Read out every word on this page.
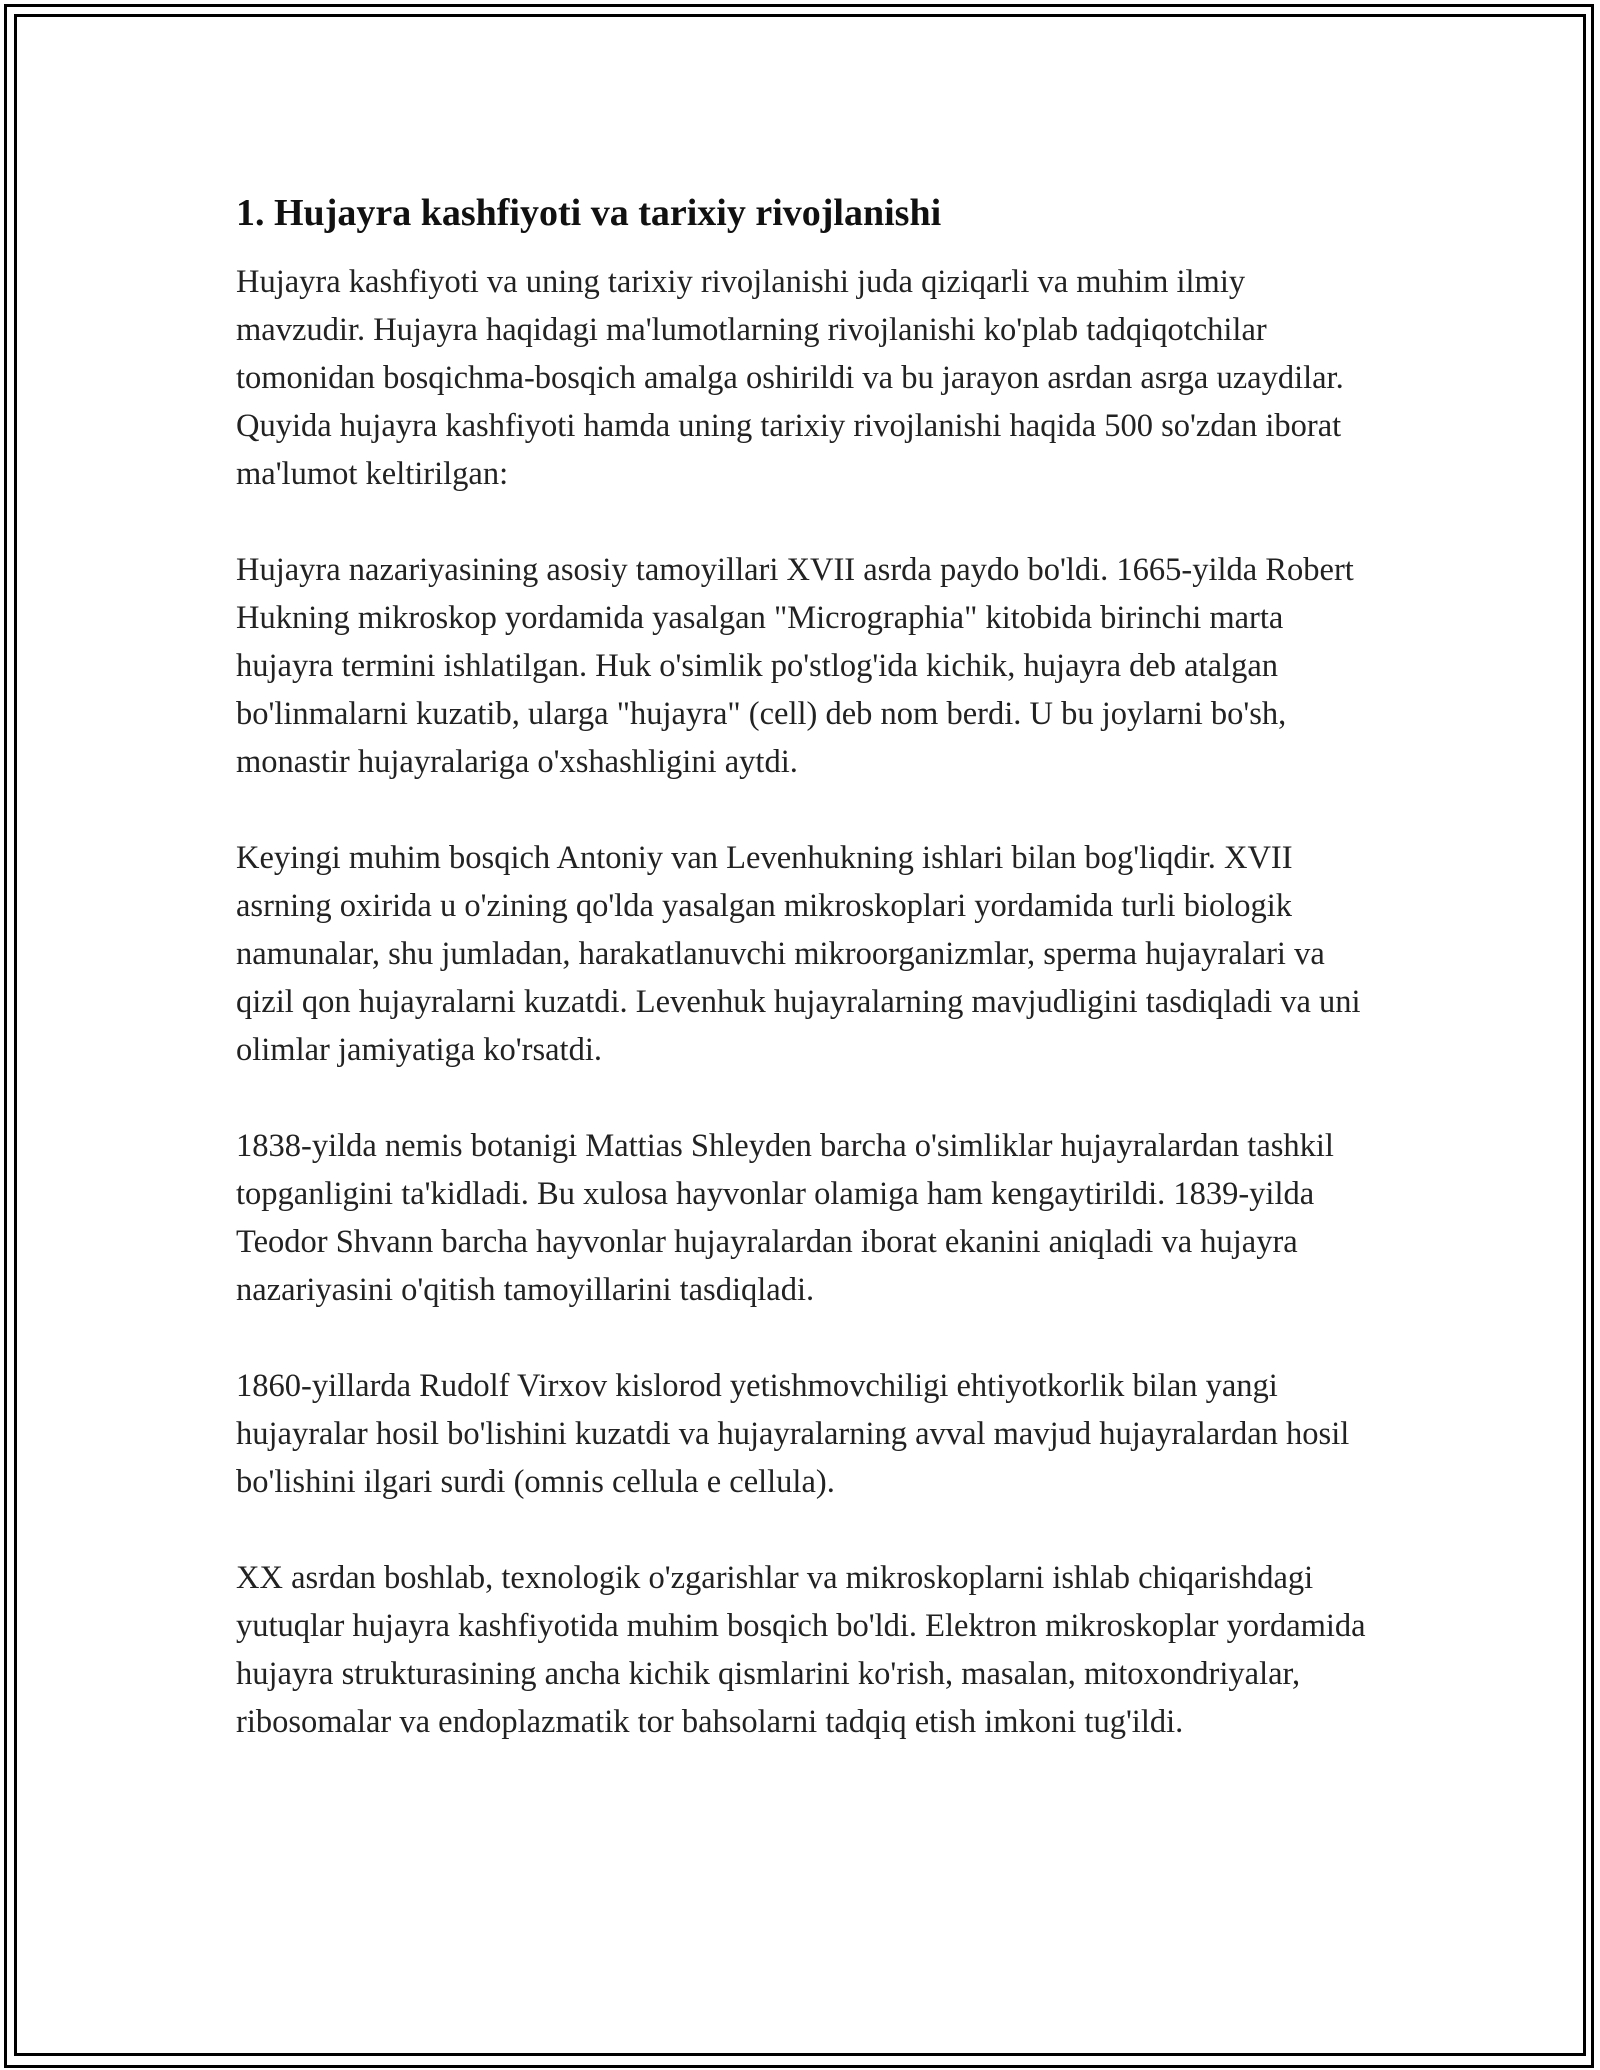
1. Hujayra kashfiyoti va tarixiy rivojlanishi

Hujayra kashfiyoti va uning tarixiy rivojlanishi juda qiziqarli va muhim ilmiy mavzudir. Hujayra haqidagi ma'lumotlarning rivojlanishi ko'plab tadqiqotchilar tomonidan bosqichma-bosqich amalga oshirildi va bu jarayon asrdan asrga uzaydilar. Quyida hujayra kashfiyoti hamda uning tarixiy rivojlanishi haqida 500 so'zdan iborat ma'lumot keltirilgan:

Hujayra nazariyasining asosiy tamoyillari XVII asrda paydo bo'ldi. 1665-yilda Robert Hukning mikroskop yordamida yasalgan "Micrographia" kitobida birinchi marta hujayra termini ishlatilgan. Huk o'simlik po'stlog'ida kichik, hujayra deb atalgan bo'linmalarni kuzatib, ularga "hujayra" (cell) deb nom berdi. U bu joylarni bo'sh, monastir hujayralariga o'xshashligini aytdi.

Keyingi muhim bosqich Antoniy van Levenhukning ishlari bilan bog'liqdir. XVII asrning oxirida u o'zining qo'lda yasalgan mikroskoplari yordamida turli biologik namunalar, shu jumladan, harakatlanuvchi mikroorganizmlar, sperma hujayralari va qizil qon hujayralarni kuzatdi. Levenhuk hujayralarning mavjudligini tasdiqladi va uni olimlar jamiyatiga ko'rsatdi.

1838-yilda nemis botanigi Mattias Shleyden barcha o'simliklar hujayralardan tashkil topganligini ta'kidladi. Bu xulosa hayvonlar olamiga ham kengaytirildi. 1839-yilda Teodor Shvann barcha hayvonlar hujayralardan iborat ekanini aniqladi va hujayra nazariyasini o'qitish tamoyillarini tasdiqladi.

1860-yillarda Rudolf Virxov kislorod yetishmovchiligi ehtiyotkorlik bilan yangi hujayralar hosil bo'lishini kuzatdi va hujayralarning avval mavjud hujayralardan hosil bo'lishini ilgari surdi (omnis cellula e cellula).

XX asrdan boshlab, texnologik o'zgarishlar va mikroskoplarni ishlab chiqarishdagi yutuqlar hujayra kashfiyotida muhim bosqich bo'ldi. Elektron mikroskoplar yordamida hujayra strukturasining ancha kichik qismlarini ko'rish, masalan, mitoxondriyalar, ribosomalar va endoplazmatik tor bahsolarni tadqiq etish imkoni tug'ildi.
